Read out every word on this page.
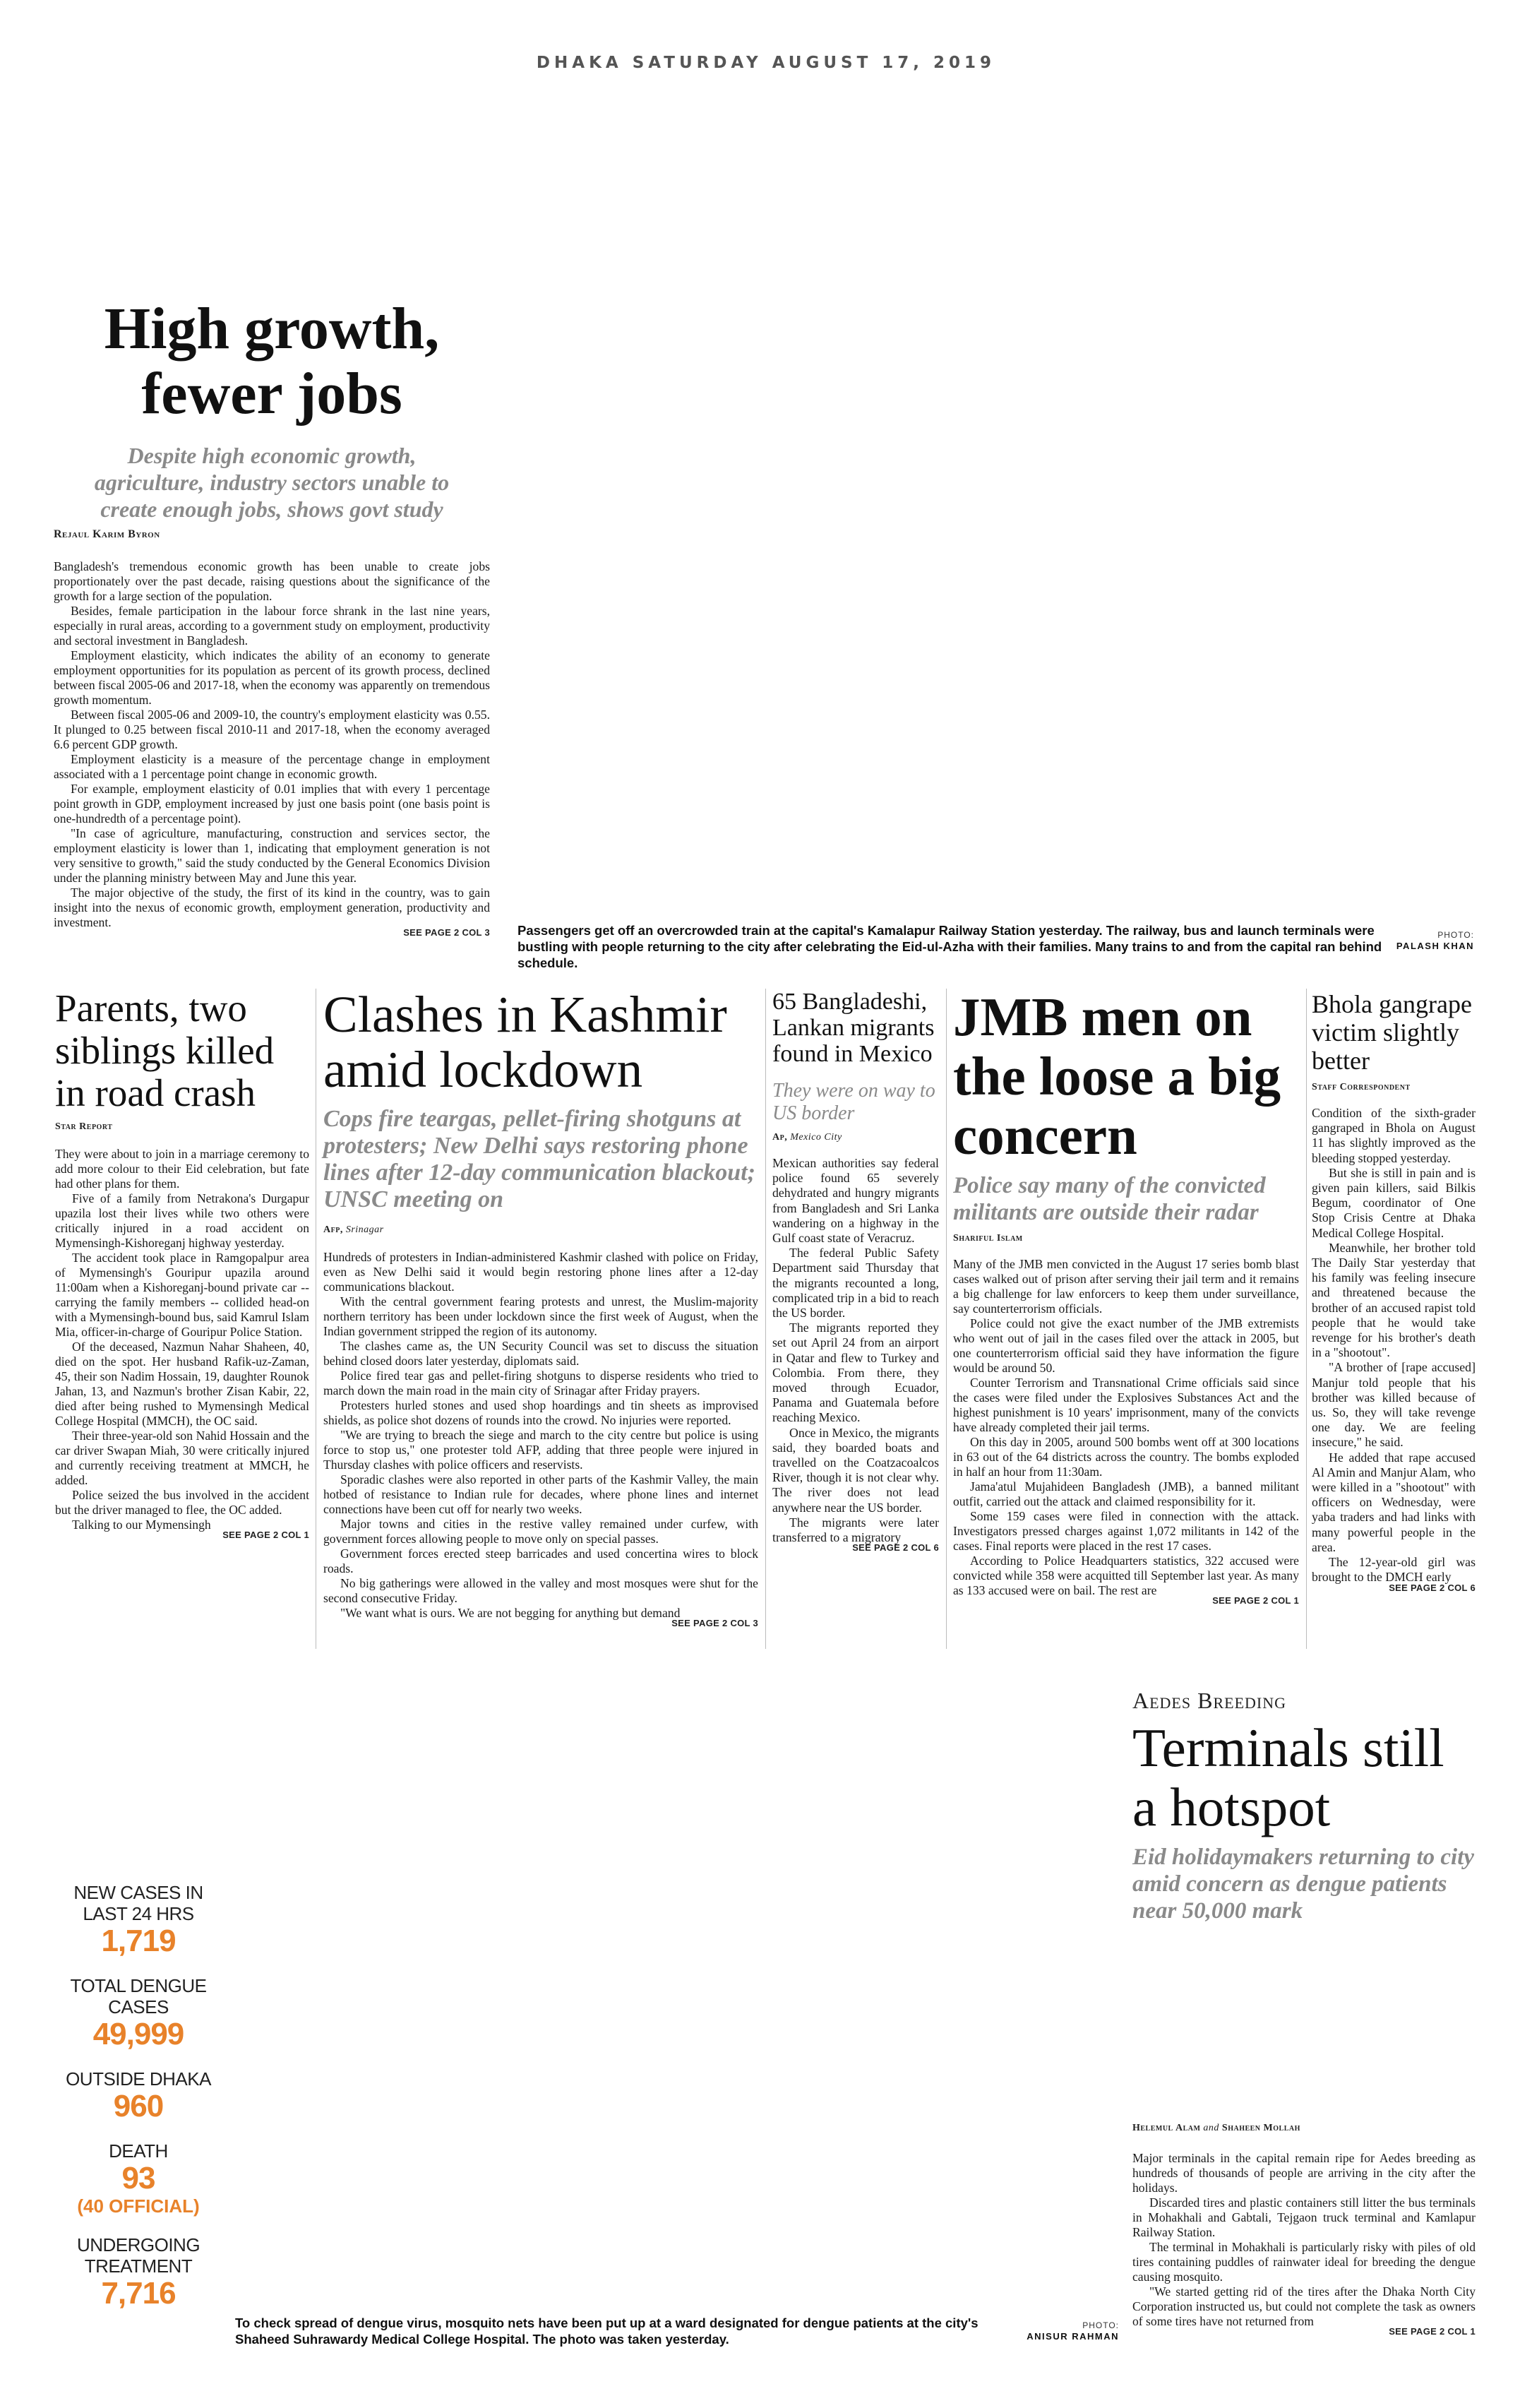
DHAKA SATURDAY AUGUST 17, 2019
High growth,
fewer jobs

Despite high economic growth, agriculture, industry sectors unable to create enough jobs, shows govt study

Rejaul Karim Byron

Bangladesh's tremendous economic growth has been unable to create jobs proportionately over the past decade, raising questions about the significance of the growth for a large section of the population.

Besides, female participation in the labour force shrank in the last nine years, especially in rural areas, according to a government study on employment, productivity and sectoral investment in Bangladesh.

Employment elasticity, which indicates the ability of an economy to generate employment opportunities for its population as percent of its growth process, declined between fiscal 2005-06 and 2017-18, when the economy was apparently on tremendous growth momentum.

Between fiscal 2005-06 and 2009-10, the country's employment elasticity was 0.55. It plunged to 0.25 between fiscal 2010-11 and 2017-18, when the economy averaged 6.6 percent GDP growth.

Employment elasticity is a measure of the percentage change in employment associated with a 1 percentage point change in economic growth.

For example, employment elasticity of 0.01 implies that with every 1 percentage point growth in GDP, employment increased by just one basis point (one basis point is one-hundredth of a percentage point).

"In case of agriculture, manufacturing, construction and services sector, the employment elasticity is lower than 1, indicating that employment generation is not very sensitive to growth," said the study conducted by the General Economics Division under the planning ministry between May and June this year.

The major objective of the study, the first of its kind in the country, was to gain insight into the nexus of economic growth, employment generation, productivity and investment.

SEE PAGE 2 COL 3 Passengers get off an overcrowded train at the capital's Kamalapur Railway Station yesterday. The railway, bus and launch terminals were bustling with people returning to the city after celebrating the Eid-ul-Azha with their families. Many trains to and from the capital ran behind schedule.
PHOTO:
PALASH KHAN
Parents, two siblings killed in road crash

Star Report

They were about to join in a marriage ceremony to add more colour to their Eid celebration, but fate had other plans for them.

Five of a family from Netrakona's Durgapur upazila lost their lives while two others were critically injured in a road accident on Mymensingh-Kishoreganj highway yesterday.

The accident took place in Ramgopalpur area of Mymensingh's Gouripur upazila around 11:00am when a Kishoreganj-bound private car -- carrying the family members -- collided head-on with a Mymensingh-bound bus, said Kamrul Islam Mia, officer-in-charge of Gouripur Police Station.

Of the deceased, Nazmun Nahar Shaheen, 40, died on the spot. Her husband Rafik-uz-Zaman, 45, their son Nadim Hossain, 19, daughter Rounok Jahan, 13, and Nazmun's brother Zisan Kabir, 22, died after being rushed to Mymensingh Medical College Hospital (MMCH), the OC said.

Their three-year-old son Nahid Hossain and the car driver Swapan Miah, 30 were critically injured and currently receiving treatment at MMCH, he added.

Police seized the bus involved in the accident but the driver managed to flee, the OC added.

Talking to our Mymensingh

SEE PAGE 2 COL 1
Clashes in Kashmir amid lockdown

Cops fire teargas, pellet-firing shotguns at protesters; New Delhi says restoring phone lines after 12-day communication blackout; UNSC meeting on

Afp, Srinagar

Hundreds of protesters in Indian-administered Kashmir clashed with police on Friday, even as New Delhi said it would begin restoring phone lines after a 12-day communications blackout.

With the central government fearing protests and unrest, the Muslim-majority northern territory has been under lockdown since the first week of August, when the Indian government stripped the region of its autonomy.

The clashes came as, the UN Security Council was set to discuss the situation behind closed doors later yesterday, diplomats said.

Police fired tear gas and pellet-firing shotguns to disperse residents who tried to march down the main road in the main city of Srinagar after Friday prayers.

Protesters hurled stones and used shop hoardings and tin sheets as improvised shields, as police shot dozens of rounds into the crowd. No injuries were reported.

"We are trying to breach the siege and march to the city centre but police is using force to stop us," one protester told AFP, adding that three people were injured in Thursday clashes with police officers and reservists.

Sporadic clashes were also reported in other parts of the Kashmir Valley, the main hotbed of resistance to Indian rule for decades, where phone lines and internet connections have been cut off for nearly two weeks.

Major towns and cities in the restive valley remained under curfew, with government forces allowing people to move only on special passes.

Government forces erected steep barricades and used concertina wires to block roads.

No big gatherings were allowed in the valley and most mosques were shut for the second consecutive Friday.

"We want what is ours. We are not begging for anything but demand

SEE PAGE 2 COL 3
65 Bangladeshi, Lankan migrants found in Mexico

They were on way to US border

Ap, Mexico City

Mexican authorities say federal police found 65 severely dehydrated and hungry migrants from Bangladesh and Sri Lanka wandering on a highway in the Gulf coast state of Veracruz.

The federal Public Safety Department said Thursday that the migrants recounted a long, complicated trip in a bid to reach the US border.

The migrants reported they set out April 24 from an airport in Qatar and flew to Turkey and Colombia. From there, they moved through Ecuador, Panama and Guatemala before reaching Mexico.

Once in Mexico, the migrants said, they boarded boats and travelled on the Coatzacoalcos River, though it is not clear why. The river does not lead anywhere near the US border.

The migrants were later transferred to a migratory

SEE PAGE 2 COL 6
JMB men on the loose a big concern

Police say many of the convicted militants are outside their radar

Shariful Islam

Many of the JMB men convicted in the August 17 series bomb blast cases walked out of prison after serving their jail term and it remains a big challenge for law enforcers to keep them under surveillance, say counterterrorism officials.

Police could not give the exact number of the JMB extremists who went out of jail in the cases filed over the attack in 2005, but one counterterrorism official said they have information the figure would be around 50.

Counter Terrorism and Transnational Crime officials said since the cases were filed under the Explosives Substances Act and the highest punishment is 10 years' imprisonment, many of the convicts have already completed their jail terms.

On this day in 2005, around 500 bombs went off at 300 locations in 63 out of the 64 districts across the country. The bombs exploded in half an hour from 11:30am.

Jama'atul Mujahideen Bangladesh (JMB), a banned militant outfit, carried out the attack and claimed responsibility for it.

Some 159 cases were filed in connection with the attack. Investigators pressed charges against 1,072 militants in 142 of the cases. Final reports were placed in the rest 17 cases.

According to Police Headquarters statistics, 322 accused were convicted while 358 were acquitted till September last year. As many as 133 accused were on bail. The rest are

SEE PAGE 2 COL 1
Bhola gangrape victim slightly better

Staff Correspondent

Condition of the sixth-grader gangraped in Bhola on August 11 has slightly improved as the bleeding stopped yesterday.

But she is still in pain and is given pain killers, said Bilkis Begum, coordinator of One Stop Crisis Centre at Dhaka Medical College Hospital.

Meanwhile, her brother told The Daily Star yesterday that his family was feeling insecure and threatened because the brother of an accused rapist told people that he would take revenge for his brother's death in a "shootout".

"A brother of [rape accused] Manjur told people that his brother was killed because of us. So, they will take revenge one day. We are feeling insecure," he said.

He added that rape accused Al Amin and Manjur Alam, who were killed in a "shootout" with officers on Wednesday, were yaba traders and had links with many powerful people in the area.

The 12-year-old girl was brought to the DMCH early

SEE PAGE 2 COL 6
NEW CASES IN LAST 24 HRS
1,719
TOTAL DENGUE CASES
49,999
OUTSIDE DHAKA
960
DEATH
93
(40 OFFICIAL)
UNDERGOING TREATMENT
7,716
To check spread of dengue virus, mosquito nets have been put up at a ward designated for dengue patients at the city's Shaheed Suhrawardy Medical College Hospital. The photo was taken yesterday.
PHOTO:
ANISUR RAHMAN
Aedes Breeding
Terminals still a hotspot

Eid holidaymakers returning to city amid concern as dengue patients near 50,000 mark

Helemul Alam and Shaheen Mollah

Major terminals in the capital remain ripe for Aedes breeding as hundreds of thousands of people are arriving in the city after the holidays.

Discarded tires and plastic containers still litter the bus terminals in Mohakhali and Gabtali, Tejgaon truck terminal and Kamlapur Railway Station.

The terminal in Mohakhali is particularly risky with piles of old tires containing puddles of rainwater ideal for breeding the dengue causing mosquito.

"We started getting rid of the tires after the Dhaka North City Corporation instructed us, but could not complete the task as owners of some tires have not returned from

SEE PAGE 2 COL 1
